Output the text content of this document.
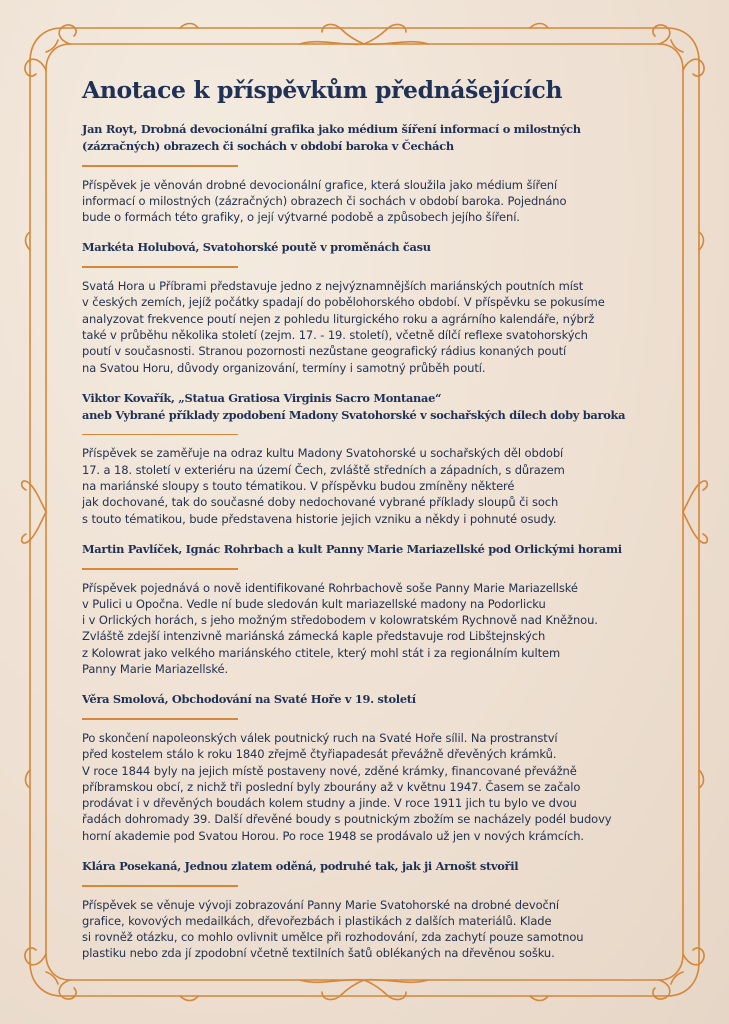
Anotace k příspěvkům přednášejících

Jan Royt, Drobná devocionální grafika jako médium šíření informací o milostných
(zázračných) obrazech či sochách v období baroka v Čechách

Příspěvek je věnován drobné devocionální grafice, která sloužila jako médium šíření
informací o milostných (zázračných) obrazech či sochách v období baroka. Pojednáno
bude o formách této grafiky, o její výtvarné podobě a způsobech jejího šíření.

Markéta Holubová, Svatohorské poutě v proměnách času

Svatá Hora u Příbrami představuje jedno z nejvýznamnějších mariánských poutních míst
v českých zemích, jejíž počátky spadají do pobělohorského období. V příspěvku se pokusíme
analyzovat frekvence poutí nejen z pohledu liturgického roku a agrárního kalendáře, nýbrž
také v průběhu několika století (zejm. 17. - 19. století), včetně dílčí reflexe svatohorských
poutí v současnosti. Stranou pozornosti nezůstane geografický rádius konaných poutí
na Svatou Horu, důvody organizování, termíny i samotný průběh poutí.

Viktor Kovařík, „Statua Gratiosa Virginis Sacro Montanae“
aneb Vybrané příklady zpodobení Madony Svatohorské v sochařských dílech doby baroka

Příspěvek se zaměřuje na odraz kultu Madony Svatohorské u sochařských děl období
17. a 18. století v exteriéru na území Čech, zvláště středních a západních, s důrazem
na mariánské sloupy s touto tématikou. V příspěvku budou zmíněny některé
jak dochované, tak do současné doby nedochované vybrané příklady sloupů či soch
s touto tématikou, bude představena historie jejich vzniku a někdy i pohnuté osudy.

Martin Pavlíček, Ignác Rohrbach a kult Panny Marie Mariazellské pod Orlickými horami

Příspěvek pojednává o nově identifikované Rohrbachově soše Panny Marie Mariazellské
v Pulici u Opočna. Vedle ní bude sledován kult mariazellské madony na Podorlicku
i v Orlických horách, s jeho možným středobodem v kolowratském Rychnově nad Kněžnou.
Zvláště zdejší intenzivně mariánská zámecká kaple představuje rod Libštejnských
z Kolowrat jako velkého mariánského ctitele, který mohl stát i za regionálním kultem
Panny Marie Mariazellské.

Věra Smolová, Obchodování na Svaté Hoře v 19. století

Po skončení napoleonských válek poutnický ruch na Svaté Hoře sílil. Na prostranství
před kostelem stálo k roku 1840 zřejmě čtyřiapadesát převážně dřevěných krámků.
V roce 1844 byly na jejich místě postaveny nové, zděné krámky, financované převážně
příbramskou obcí, z nichž tři poslední byly zbourány až v květnu 1947. Časem se začalo
prodávat i v dřevěných boudách kolem studny a jinde. V roce 1911 jich tu bylo ve dvou
řadách dohromady 39. Další dřevěné boudy s poutnickým zbožím se nacházely podél budovy
horní akademie pod Svatou Horou. Po roce 1948 se prodávalo už jen v nových krámcích.

Klára Posekaná, Jednou zlatem oděná, podruhé tak, jak ji Arnošt stvořil

Příspěvek se věnuje vývoji zobrazování Panny Marie Svatohorské na drobné devoční
grafice, kovových medailkách, dřevořezbách i plastikách z dalších materiálů. Klade
si rovněž otázku, co mohlo ovlivnit umělce při rozhodování, zda zachytí pouze samotnou
plastiku nebo zda jí zpodobní včetně textilních šatů oblékaných na dřevěnou sošku.
